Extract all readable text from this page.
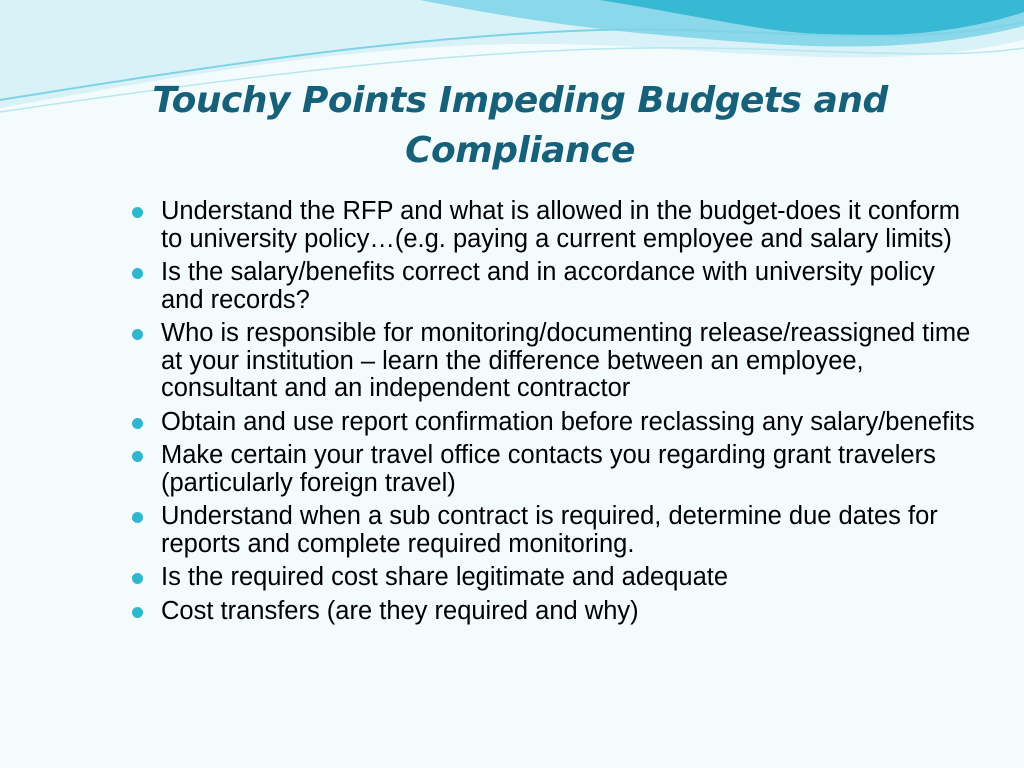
Touchy Points Impeding Budgets and Compliance
Understand the RFP and what is allowed in the budget-does it conform to university policy…(e.g. paying a current employee and salary limits)
Is the salary/benefits correct and in accordance with university policy and records?
Who is responsible for monitoring/documenting release/reassigned time at your institution – learn the difference between an employee, consultant and an independent contractor
Obtain and use report confirmation before reclassing any salary/benefits
Make certain your travel office contacts you regarding grant travelers (particularly foreign travel)
Understand when a sub contract is required, determine due dates for reports and complete required monitoring.
Is the required cost share legitimate and adequate
Cost transfers (are they required and why)
